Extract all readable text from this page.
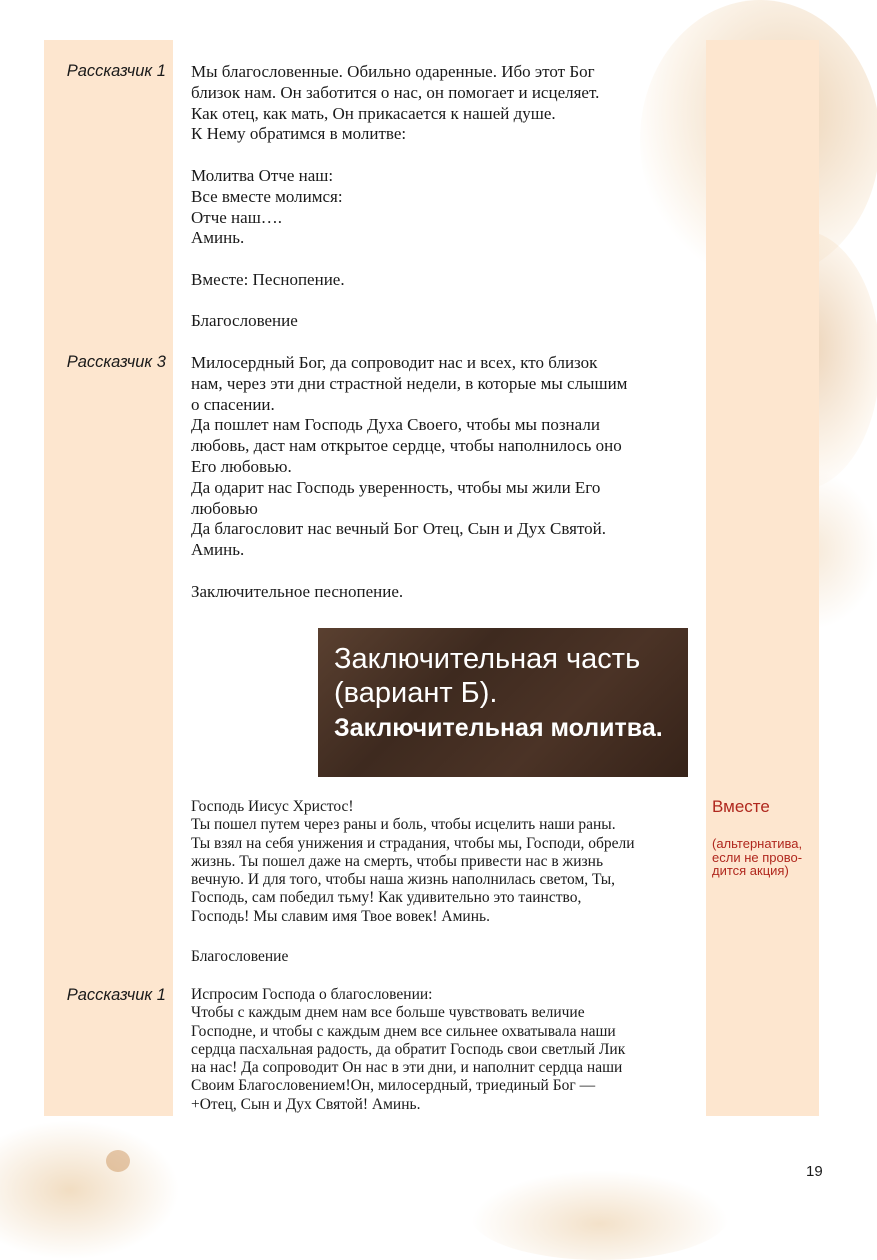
Рассказчик 1
Рассказчик 3
Рассказчик 1
Мы благословенные. Обильно одаренные. Ибо этот Бог
близок нам. Он заботится о нас, он помогает и исцеляет.
Как отец, как мать, Он прикасается к нашей душе.
К Нему обратимся в молитве:
Молитва Отче наш:
Все вместе молимся:
Отче наш….
Аминь.
Вместе: Песнопение.
Благословение
Милосердный Бог, да сопроводит нас и всех, кто близок
нам, через эти дни страстной недели, в которые мы слышим
о спасении.
Да пошлет нам Господь Духа Своего, чтобы мы познали
любовь, даст нам открытое сердце, чтобы наполнилось оно
Его любовью.
Да одарит нас Господь уверенность, чтобы мы жили Его
любовью
Да благословит нас вечный Бог Отец, Сын и Дух Святой.
Аминь.
Заключительное песнопение.
Заключительная часть
(вариант Б).
Заключительная молитва.
Господь Иисус Христос!
Ты пошел путем через раны и боль, чтобы исцелить наши раны.
Ты взял на себя унижения и страдания, чтобы мы, Господи, обрели
жизнь. Ты пошел даже на смерть, чтобы привести нас в жизнь
вечную. И для того, чтобы наша жизнь наполнилась светом, Ты,
Господь, сам победил тьму! Как удивительно это таинство,
Господь! Мы славим имя Твое вовек! Аминь.
Благословение
Испросим Господа о благословении:
Чтобы с каждым днем нам все больше чувствовать величие
Господне, и чтобы с каждым днем все сильнее охватывала наши
сердца пасхальная радость, да обратит Господь свои светлый Лик
на нас! Да сопроводит Он нас в эти дни, и наполнит сердца наши
Своим Благословением!Он, милосердный, триединый Бог —
+Отец, Сын и Дух Святой! Аминь.
Вместе
(альтернатива,
если не прово-
дится акция)
19
